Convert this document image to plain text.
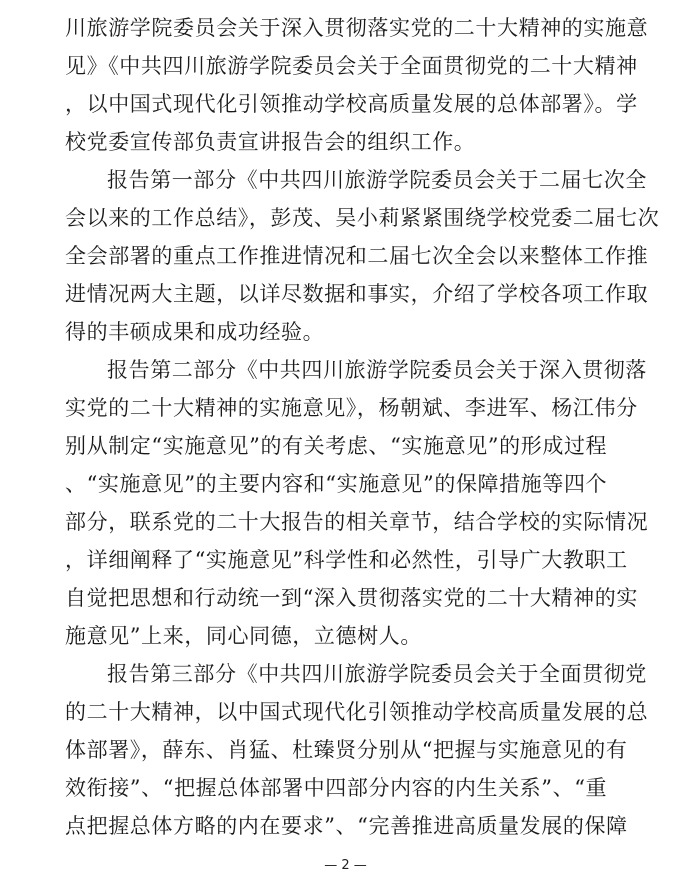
川旅游学院委员会关于深入贯彻落实党的二十大精神的实施意
见》《中共四川旅游学院委员会关于全面贯彻党的二十大精神
，以中国式现代化引领推动学校高质量发展的总体部署》。学
校党委宣传部负责宣讲报告会的组织工作。
报告第一部分《中共四川旅游学院委员会关于二届七次全
会以来的工作总结》，彭茂、吴小莉紧紧围绕学校党委二届七次
全会部署的重点工作推进情况和二届七次全会以来整体工作推
进情况两大主题，以详尽数据和事实，介绍了学校各项工作取
得的丰硕成果和成功经验。
报告第二部分《中共四川旅游学院委员会关于深入贯彻落
实党的二十大精神的实施意见》，杨朝斌、李进军、杨江伟分
别从制定“实施意见”的有关考虑、“实施意见”的形成过程
、“实施意见”的主要内容和“实施意见”的保障措施等四个
部分，联系党的二十大报告的相关章节，结合学校的实际情况
，详细阐释了“实施意见”科学性和必然性，引导广大教职工
自觉把思想和行动统一到“深入贯彻落实党的二十大精神的实
施意见”上来，同心同德，立德树人。
报告第三部分《中共四川旅游学院委员会关于全面贯彻党
的二十大精神，以中国式现代化引领推动学校高质量发展的总
体部署》，薛东、肖猛、杜臻贤分别从“把握与实施意见的有
效衔接”、“把握总体部署中四部分内容的内生关系”、“重
点把握总体方略的内在要求”、“完善推进高质量发展的保障
— 2 —
